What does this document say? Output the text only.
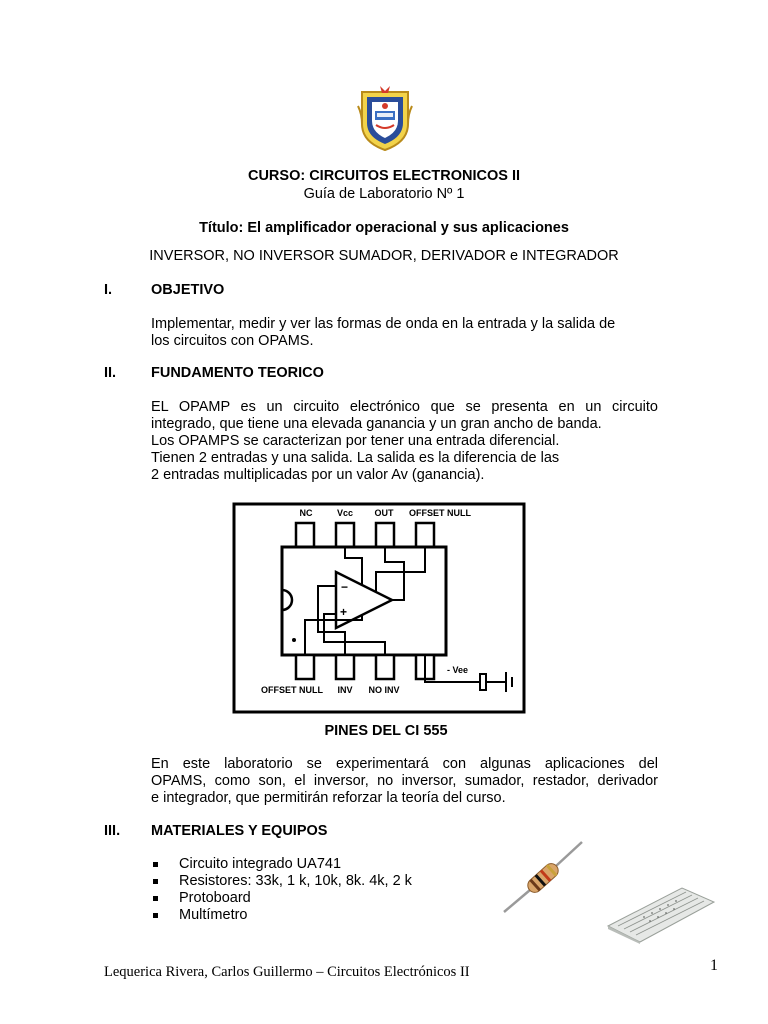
CURSO: CIRCUITOS ELECTRONICOS II
Guía de Laboratorio Nº 1
Título: El amplificador operacional y sus aplicaciones
INVERSOR, NO INVERSOR SUMADOR, DERIVADOR e INTEGRADOR
I.	OBJETIVO
Implementar, medir y ver las formas de onda en la entrada y la salida de
los circuitos con OPAMS.
II. FUNDAMENTO TEORICO
EL OPAMP es un circuito electrónico que se presenta en un circuito
integrado, que tiene una elevada ganancia y un gran ancho de banda.
Los OPAMPS se caracterizan por tener una entrada diferencial.
Tienen 2 entradas y una salida. La salida es la diferencia de las
2 entradas multiplicadas por un valor Av (ganancia).
NC	Vcc OUT OFFSET NULL
−
+
- Vee
OFFSET NULL INV NO INV
PINES DEL CI 555
En este laboratorio se experimentará con algunas aplicaciones del
OPAMS, como son, el inversor, no inversor, sumador, restador, derivador
e integrador, que permitirán reforzar la teoría del curso.
III. MATERIALES Y EQUIPOS
Circuito integrado UA741
Resistores: 33k, 1 k, 10k, 8k. 4k, 2 k
Protoboard
Multímetro
Lequerica Rivera, Carlos Guillermo – Circuitos Electrónicos II	1
